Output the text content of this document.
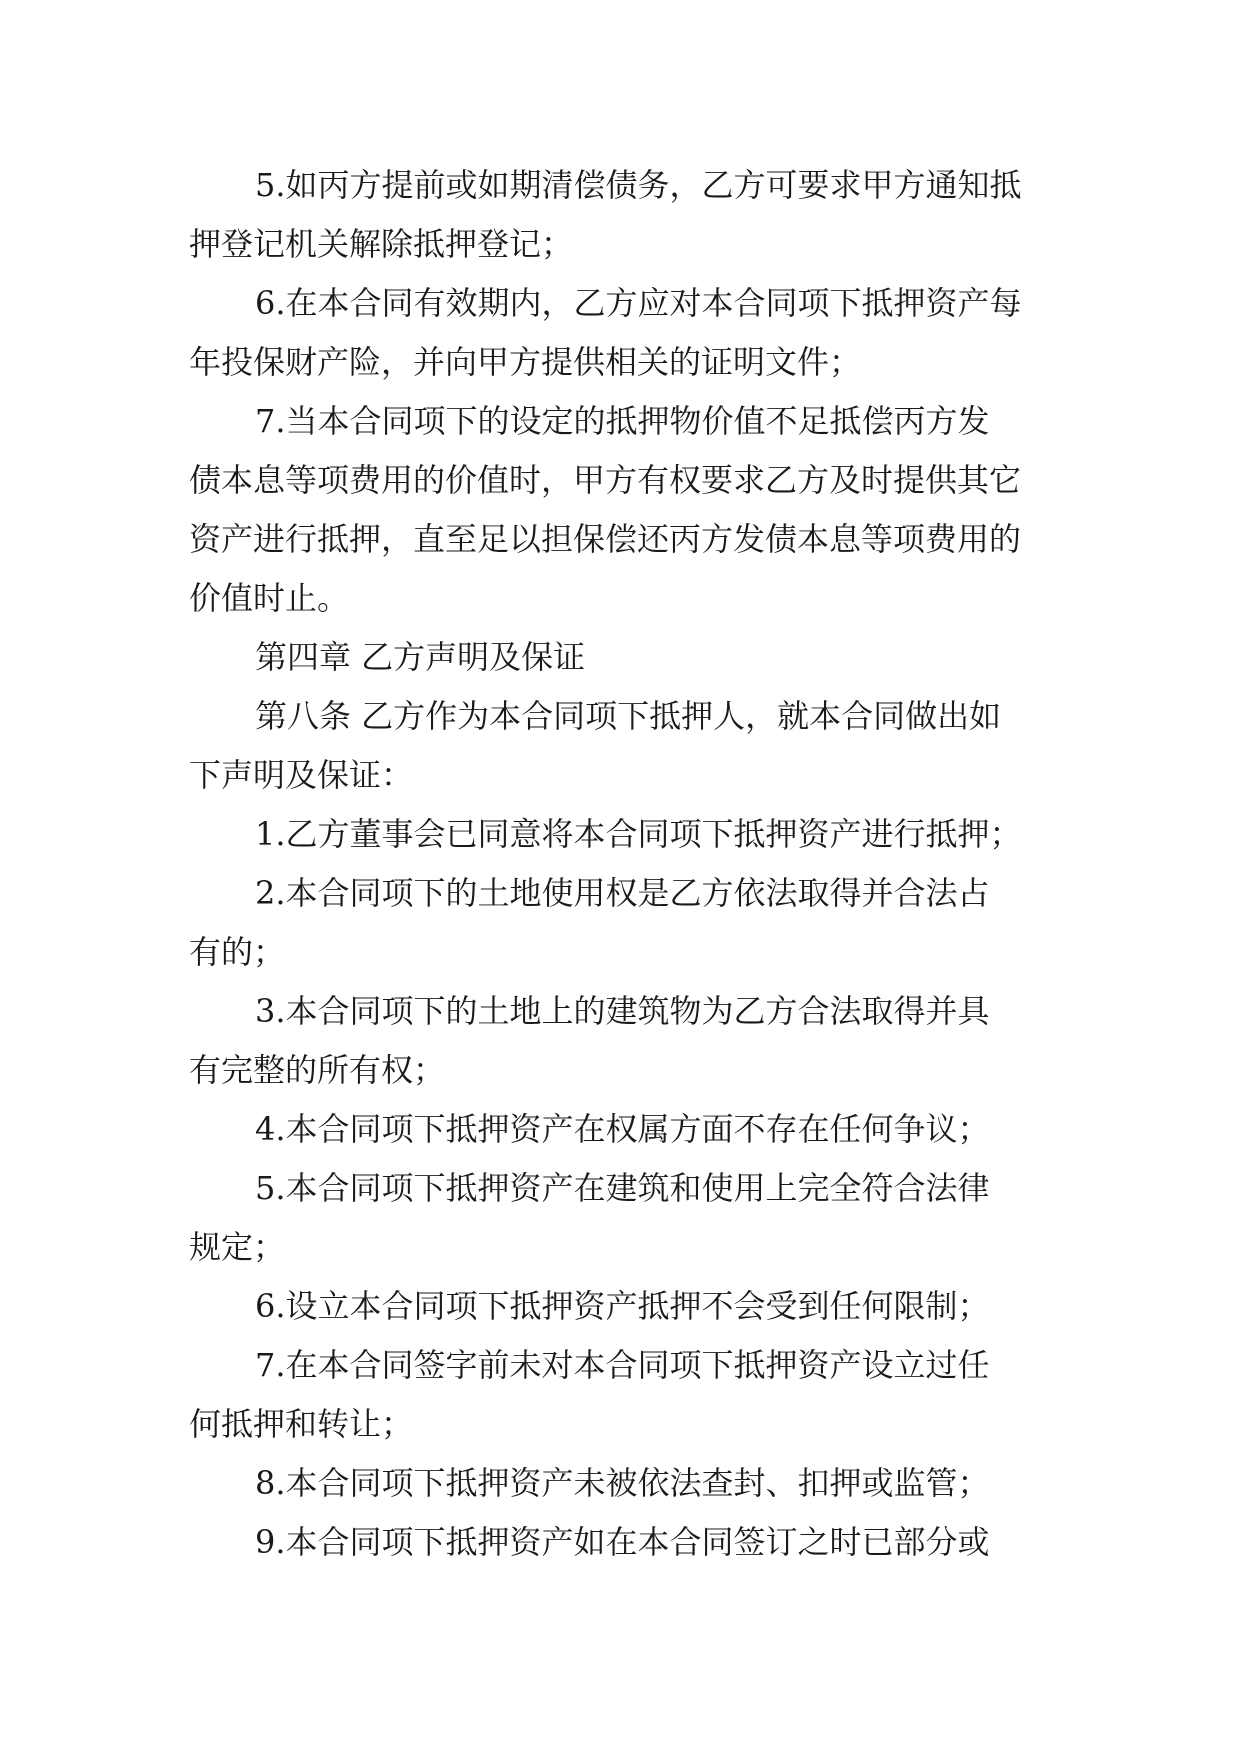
5.如丙方提前或如期清偿债务，乙方可要求甲方通知抵
押登记机关解除抵押登记；
6.在本合同有效期内，乙方应对本合同项下抵押资产每
年投保财产险，并向甲方提供相关的证明文件；
7.当本合同项下的设定的抵押物价值不足抵偿丙方发
债本息等项费用的价值时，甲方有权要求乙方及时提供其它
资产进行抵押，直至足以担保偿还丙方发债本息等项费用的
价值时止。
第四章 乙方声明及保证
第八条 乙方作为本合同项下抵押人，就本合同做出如
下声明及保证：
1.乙方董事会已同意将本合同项下抵押资产进行抵押；
2.本合同项下的土地使用权是乙方依法取得并合法占
有的；
3.本合同项下的土地上的建筑物为乙方合法取得并具
有完整的所有权；
4.本合同项下抵押资产在权属方面不存在任何争议；
5.本合同项下抵押资产在建筑和使用上完全符合法律
规定；
6.设立本合同项下抵押资产抵押不会受到任何限制；
7.在本合同签字前未对本合同项下抵押资产设立过任
何抵押和转让；
8.本合同项下抵押资产未被依法查封、扣押或监管；
9.本合同项下抵押资产如在本合同签订之时已部分或
